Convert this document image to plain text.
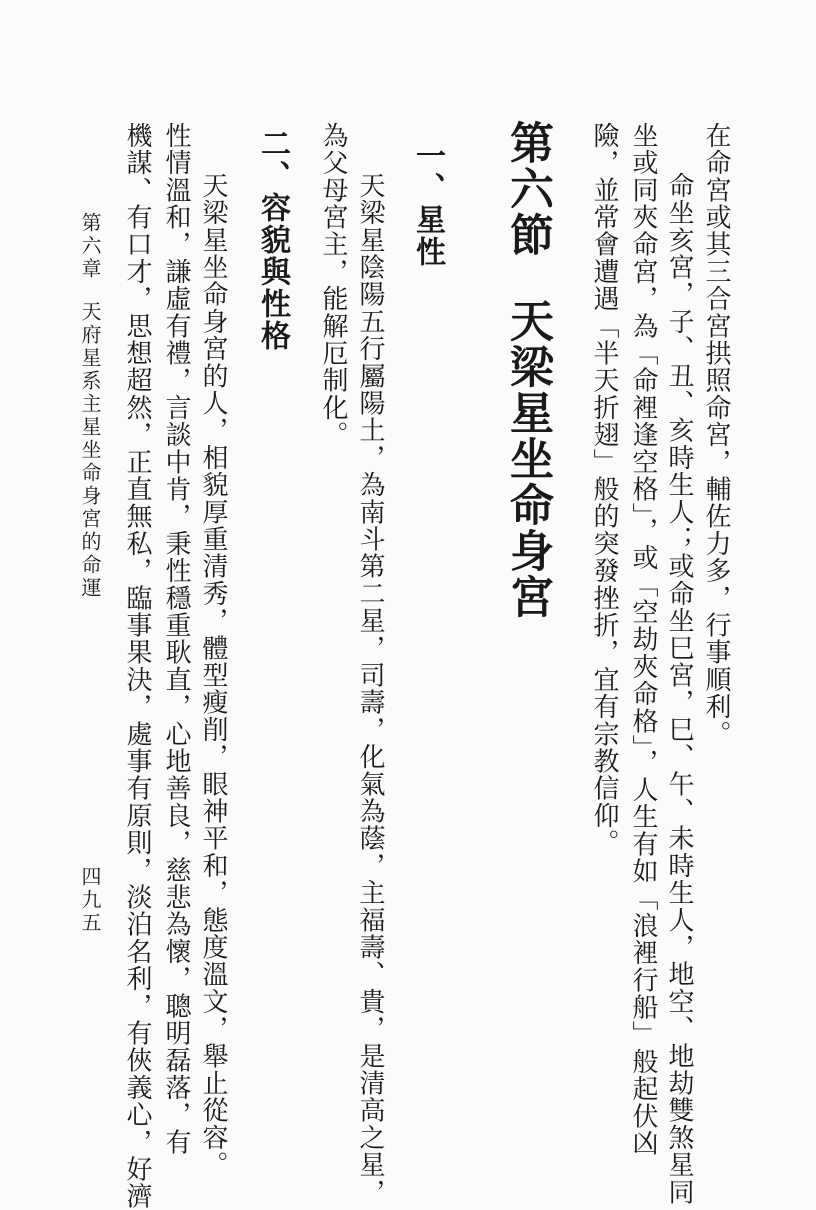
在命宮或其三合宮拱照命宮，輔佐力多，行事順利。
命坐亥宮，子、丑、亥時生人；或命坐巳宮，巳、午、未時生人，地空、地劫雙煞星同
坐或同夾命宮，為「命裡逢空格」，或「空劫夾命格」，人生有如「浪裡行船」般起伏凶
險，並常會遭遇「半天折翅」般的突發挫折，宜有宗教信仰。
第六節天梁星坐命身宮
一、星性
天梁星陰陽五行屬陽土，為南斗第二星，司壽，化氣為蔭，主福壽、貴，是清高之星，
為父母宮主，能解厄制化。
二、容貌與性格
天梁星坐命身宮的人，相貌厚重清秀，體型瘦削，眼神平和，態度溫文，舉止從容。
性情溫和，謙虛有禮，言談中肯，秉性穩重耿直，心地善良，慈悲為懷，聰明磊落，有
機謀、有口才，思想超然，正直無私，臨事果決，處事有原則，淡泊名利，有俠義心，好濟
第六章天府星系主星坐命身宮的命運
四九五
